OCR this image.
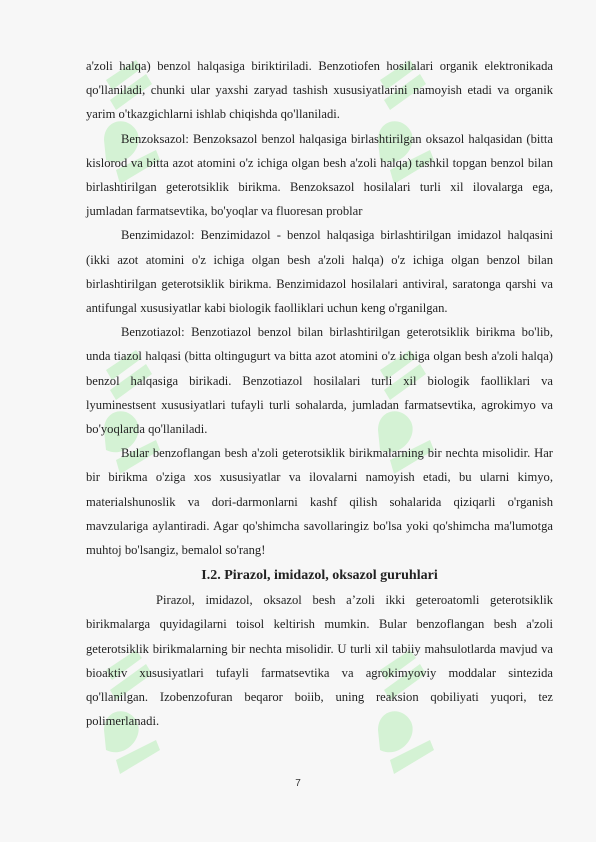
a'zoli halqa) benzol halqasiga biriktiriladi. Benzotiofen hosilalari organik elektronikada qo'llaniladi, chunki ular yaxshi zaryad tashish xususiyatlarini namoyish etadi va organik yarim o'tkazgichlarni ishlab chiqishda qo'llaniladi.

Benzoksazol: Benzoksazol benzol halqasiga birlashtirilgan oksazol halqasidan (bitta kislorod va bitta azot atomini o'z ichiga olgan besh a'zoli halqa) tashkil topgan benzol bilan birlashtirilgan geterotsiklik birikma. Benzoksazol hosilalari turli xil ilovalarga ega, jumladan farmatsevtika, bo'yoqlar va fluoresan problar

Benzimidazol: Benzimidazol - benzol halqasiga birlashtirilgan imidazol halqasini (ikki azot atomini o'z ichiga olgan besh a'zoli halqa) o'z ichiga olgan benzol bilan birlashtirilgan geterotsiklik birikma. Benzimidazol hosilalari antiviral, saratonga qarshi va antifungal xususiyatlar kabi biologik faolliklari uchun keng o'rganilgan.

Benzotiazol: Benzotiazol benzol bilan birlashtirilgan geterotsiklik birikma bo'lib, unda tiazol halqasi (bitta oltingugurt va bitta azot atomini o'z ichiga olgan besh a'zoli halqa) benzol halqasiga birikadi. Benzotiazol hosilalari turli xil biologik faolliklari va lyuminestsent xususiyatlari tufayli turli sohalarda, jumladan farmatsevtika, agrokimyo va bo'yoqlarda qo'llaniladi.

Bular benzoflangan besh a'zoli geterotsiklik birikmalarning bir nechta misolidir. Har bir birikma o'ziga xos xususiyatlar va ilovalarni namoyish etadi, bu ularni kimyo, materialshunoslik va dori-darmonlarni kashf qilish sohalarida qiziqarli o'rganish mavzulariga aylantiradi. Agar qo'shimcha savollaringiz bo'lsa yoki qo'shimcha ma'lumotga muhtoj bo'lsangiz, bemalol so'rang!

I.2. Pirazol, imidazol, oksazol guruhlari

Pirazol, imidazol, oksazol besh a’zoli ikki geteroatomli geterotsiklik birikmalarga quyidagilarni toisol keltirish mumkin. Bular benzoflangan besh a'zoli geterotsiklik birikmalarning bir nechta misolidir. U turli xil tabiiy mahsulotlarda mavjud va bioaktiv xususiyatlari tufayli farmatsevtika va agrokimyoviy moddalar sintezida qo'llanilgan. Izobenzofuran beqaror boiib, uning reaksion qobiliyati yuqori, tez polimerlanadi.

7
